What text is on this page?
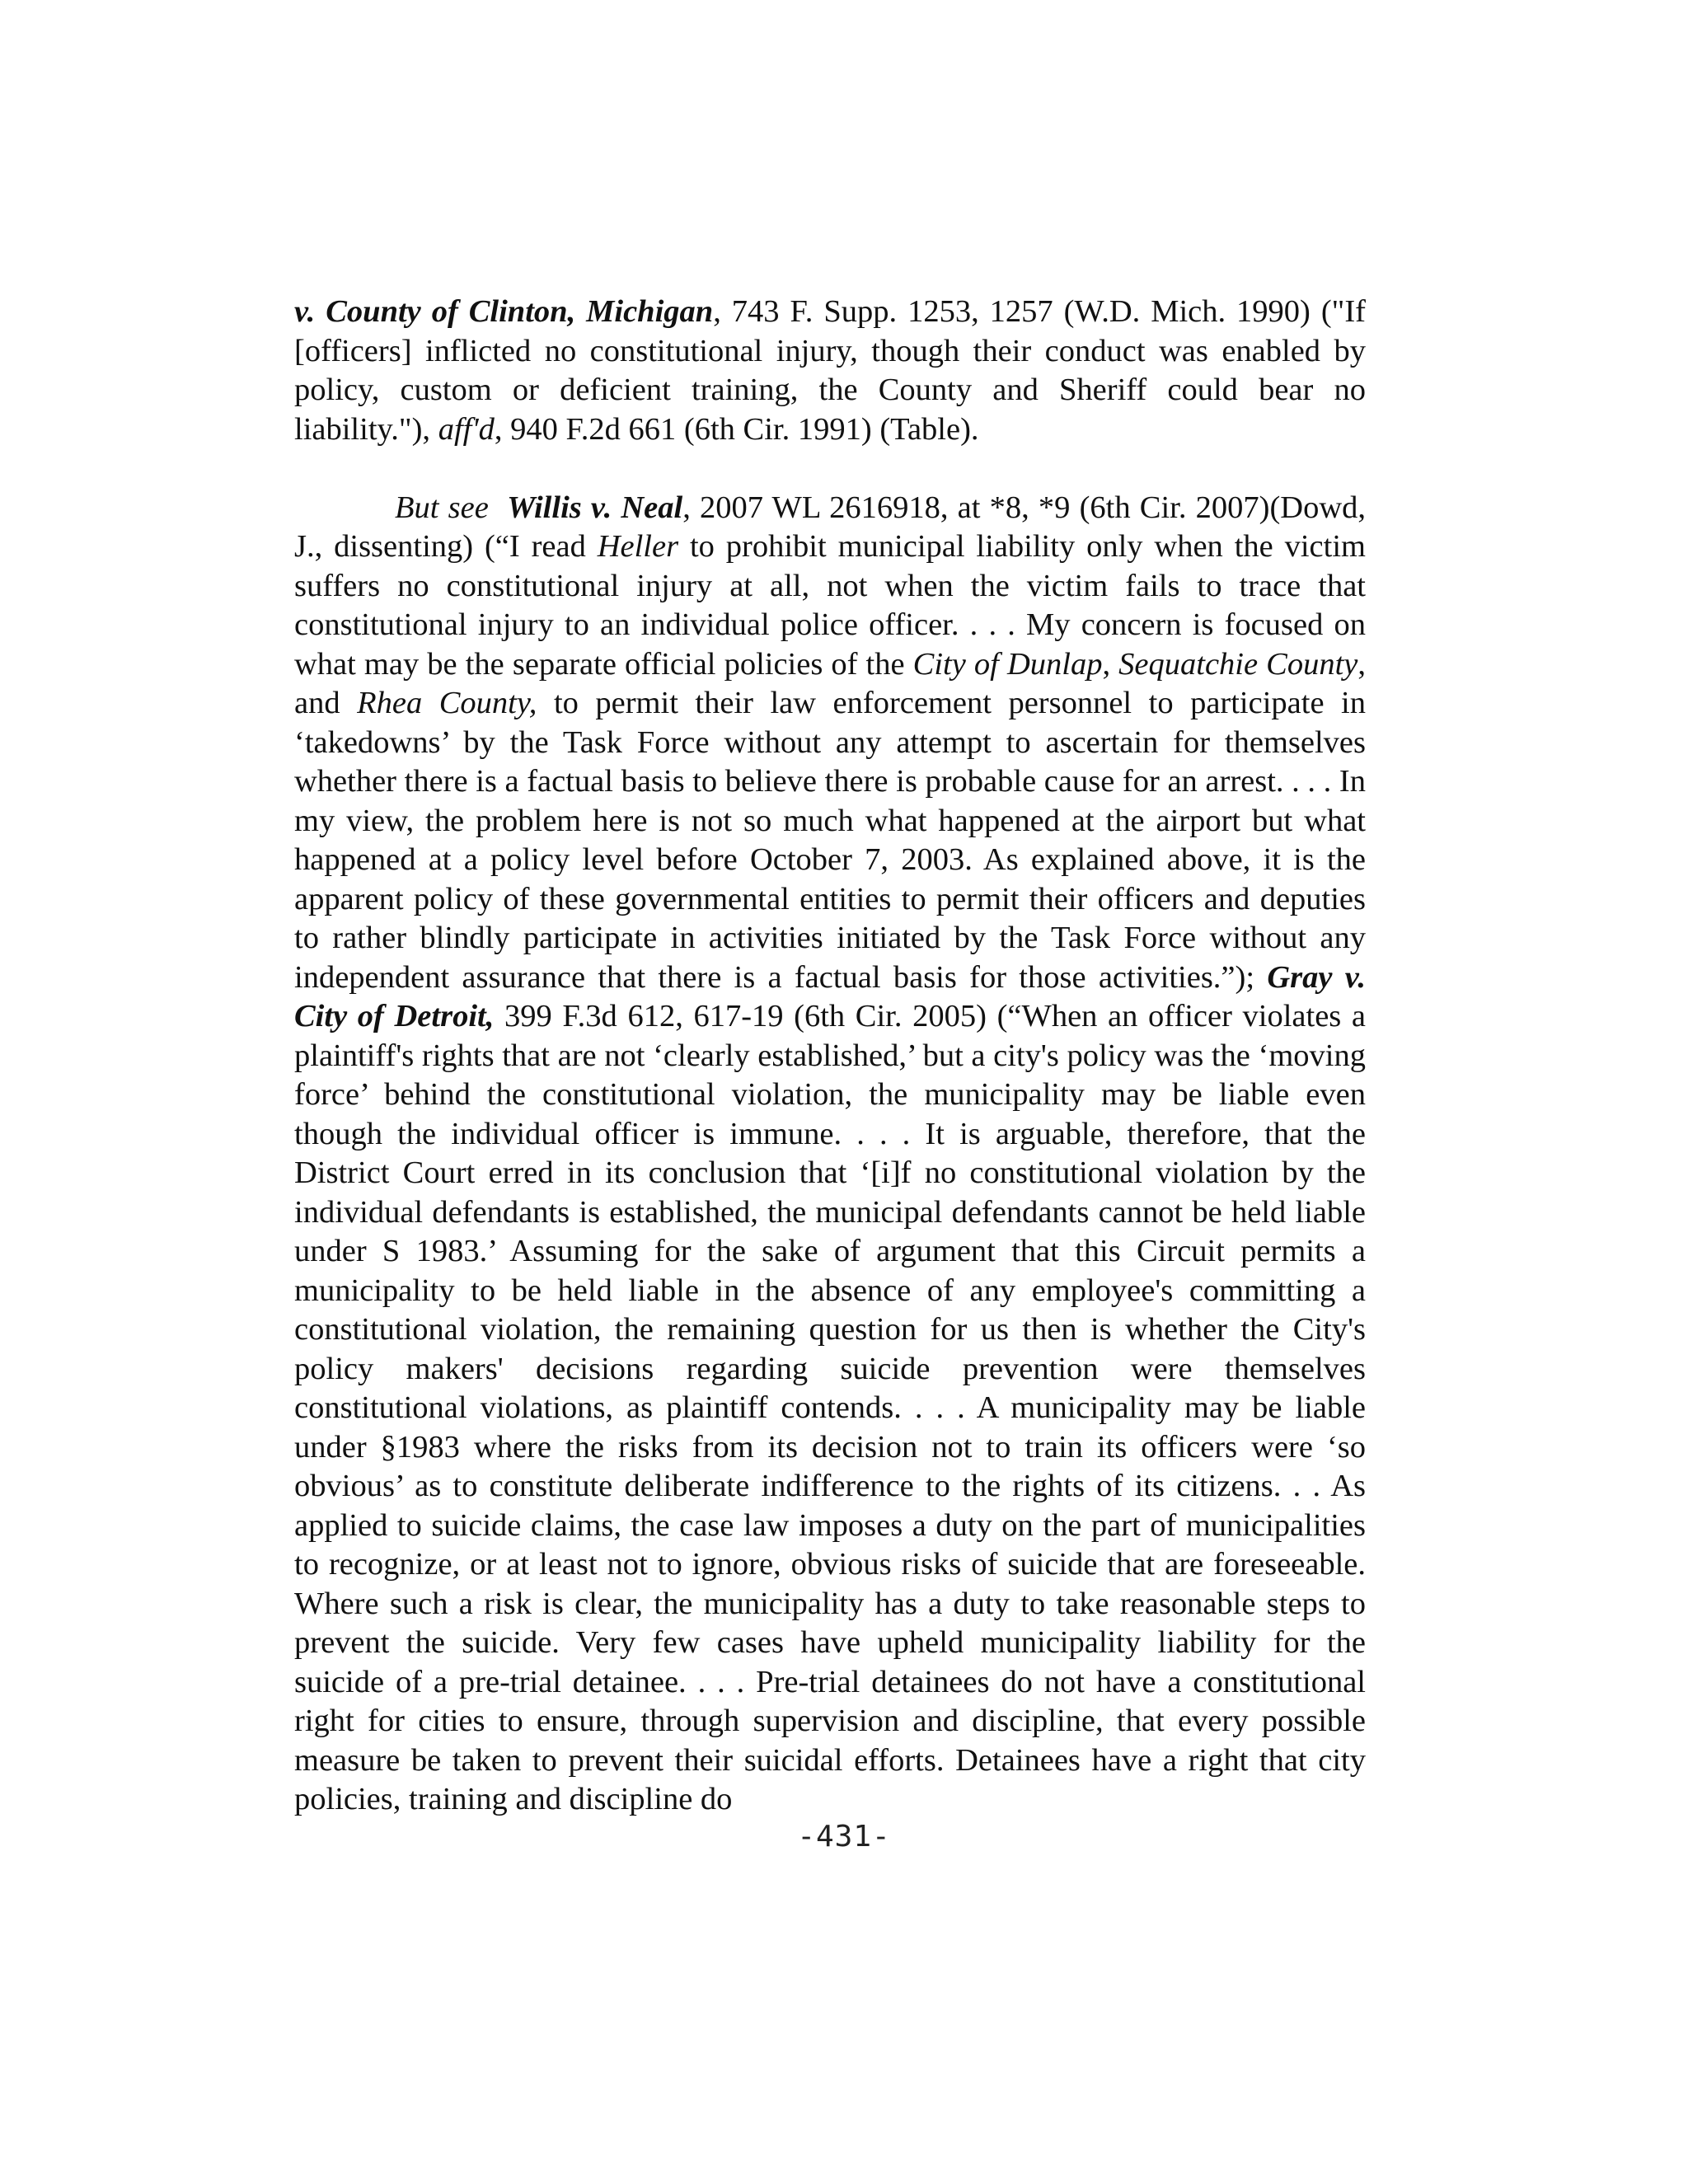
v. County of Clinton, Michigan, 743 F. Supp. 1253, 1257 (W.D. Mich. 1990) ("If [officers] inflicted no constitutional injury, though their conduct was enabled by policy, custom or deficient training, the County and Sheriff could bear no liability."), aff'd, 940 F.2d 661 (6th Cir. 1991) (Table).

But see Willis v. Neal, 2007 WL 2616918, at *8, *9 (6th Cir. 2007)(Dowd, J., dissenting) (“I read Heller to prohibit municipal liability only when the victim suffers no constitutional injury at all, not when the victim fails to trace that constitutional injury to an individual police officer. . . . My concern is focused on what may be the separate official policies of the City of Dunlap, Sequatchie County, and Rhea County, to permit their law enforcement personnel to participate in ‘takedowns’ by the Task Force without any attempt to ascertain for themselves whether there is a factual basis to believe there is probable cause for an arrest. . . . In my view, the problem here is not so much what happened at the airport but what happened at a policy level before October 7, 2003. As explained above, it is the apparent policy of these governmental entities to permit their officers and deputies to rather blindly participate in activities initiated by the Task Force without any independent assurance that there is a factual basis for those activities.”); Gray v. City of Detroit, 399 F.3d 612, 617-19 (6th Cir. 2005) (“When an officer violates a plaintiff's rights that are not ‘clearly established,’ but a city's policy was the ‘moving force’ behind the constitutional violation, the municipality may be liable even though the individual officer is immune. . . . It is arguable, therefore, that the District Court erred in its conclusion that ‘[i]f no constitutional violation by the individual defendants is established, the municipal defendants cannot be held liable under S 1983.’ Assuming for the sake of argument that this Circuit permits a municipality to be held liable in the absence of any employee's committing a constitutional violation, the remaining question for us then is whether the City's policy makers' decisions regarding suicide prevention were themselves constitutional violations, as plaintiff contends. . . . A municipality may be liable under §1983 where the risks from its decision not to train its officers were ‘so obvious’ as to constitute deliberate indifference to the rights of its citizens. . . As applied to suicide claims, the case law imposes a duty on the part of municipalities to recognize, or at least not to ignore, obvious risks of suicide that are foreseeable. Where such a risk is clear, the municipality has a duty to take reasonable steps to prevent the suicide. Very few cases have upheld municipality liability for the suicide of a pre-trial detainee. . . . Pre-trial detainees do not have a constitutional right for cities to ensure, through supervision and discipline, that every possible measure be taken to prevent their suicidal efforts. Detainees have a right that city policies, training and discipline do

-431-
